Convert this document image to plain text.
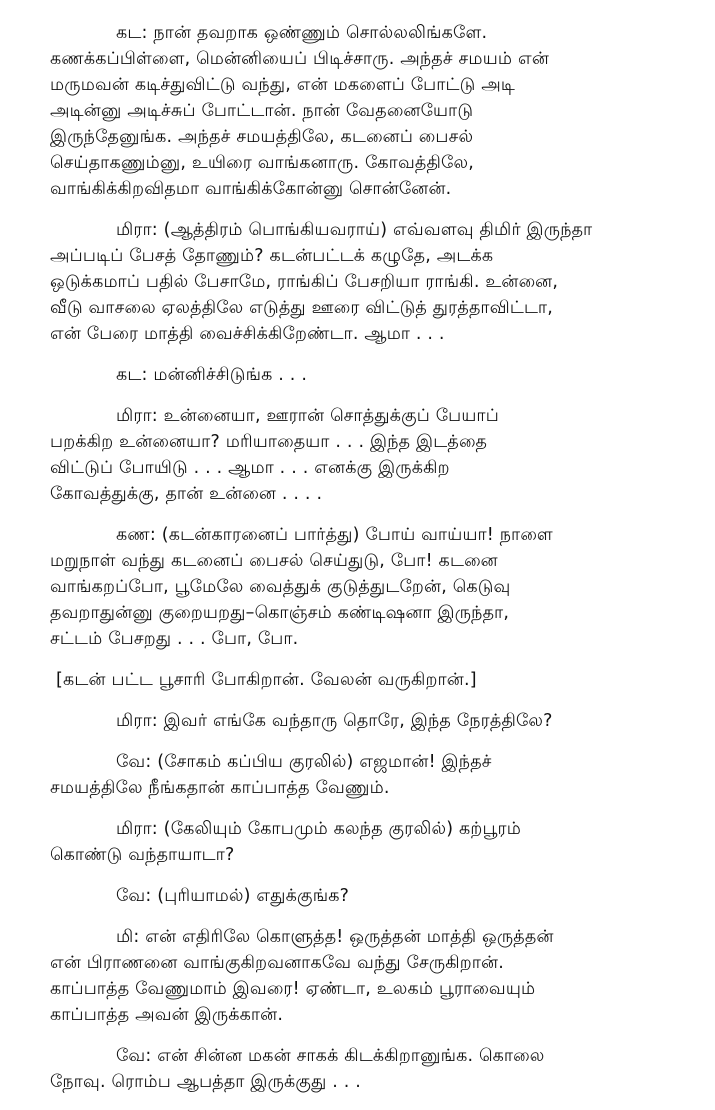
கட: நான் தவறாக ஒண்ணும் சொல்லலிங்களே.
கணக்கப்பிள்ளை, மென்னியைப் பிடிச்சாரு. அந்தச் சமயம் என்
மருமவன் கடிச்துவிட்டு வந்து, என் மகளைப் போட்டு அடி
அடின்னு அடிச்சுப் போட்டான். நான் வேதனையோடு
இருந்தேனுங்க. அந்தச் சமயத்திலே, கடனைப் பைசல்
செய்தாகணும்னு, உயிரை வாங்கனாரு. கோவத்திலே,
வாங்கிக்கிறவிதமா வாங்கிக்கோன்னு சொன்னேன்.

மிரா: (ஆத்திரம் பொங்கியவராய்) எவ்வளவு திமிர் இருந்தா
அப்படிப் பேசத் தோணும்? கடன்பட்டக் கழுதே, அடக்க
ஒடுக்கமாப் பதில் பேசாமே, ராங்கிப் பேசறியா ராங்கி. உன்னை,
வீடு வாசலை ஏலத்திலே எடுத்து ஊரை விட்டுத் துரத்தாவிட்டா,
என் பேரை மாத்தி வைச்சிக்கிறேண்டா. ஆமா . . .

கட: மன்னிச்சிடுங்க . . .

மிரா: உன்னையா, ஊரான் சொத்துக்குப் பேயாப்
பறக்கிற உன்னையா? மரியாதையா . . . இந்த இடத்தை
விட்டுப் போயிடு . . . ஆமா . . . எனக்கு இருக்கிற
கோவத்துக்கு, தான் உன்னை . . . .

கண: (கடன்காரனைப் பார்த்து) போய் வாய்யா! நாளை
மறுநாள் வந்து கடனைப் பைசல் செய்துடு, போ! கடனை
வாங்கறப்போ, பூமேலே வைத்துக் குடுத்துடறேன், கெடுவு
தவறாதுன்னு குறையறது–கொஞ்சம் கண்டிஷனா இருந்தா,
சட்டம் பேசறது . . . போ, போ.

[கடன் பட்ட பூசாரி போகிறான். வேலன் வருகிறான்.]

மிரா: இவர் எங்கே வந்தாரு தொரே, இந்த நேரத்திலே?

வே: (சோகம் கப்பிய குரலில்) எஜமான்! இந்தச்
சமயத்திலே நீங்கதான் காப்பாத்த வேணும்.

மிரா: (கேலியும் கோபமும் கலந்த குரலில்) கற்பூரம்
கொண்டு வந்தாயாடா?

வே: (புரியாமல்) எதுக்குங்க?

மி: என் எதிரிலே கொளுத்த! ஒருத்தன் மாத்தி ஒருத்தன்
என் பிராணனை வாங்குகிறவனாகவே வந்து சேருகிறான்.
காப்பாத்த வேணுமாம் இவரை! ஏண்டா, உலகம் பூராவையும்
காப்பாத்த அவன் இருக்கான்.

வே: என் சின்ன மகன் சாகக் கிடக்கிறானுங்க. கொலை
நோவு. ரொம்ப ஆபத்தா இருக்குது . . .
